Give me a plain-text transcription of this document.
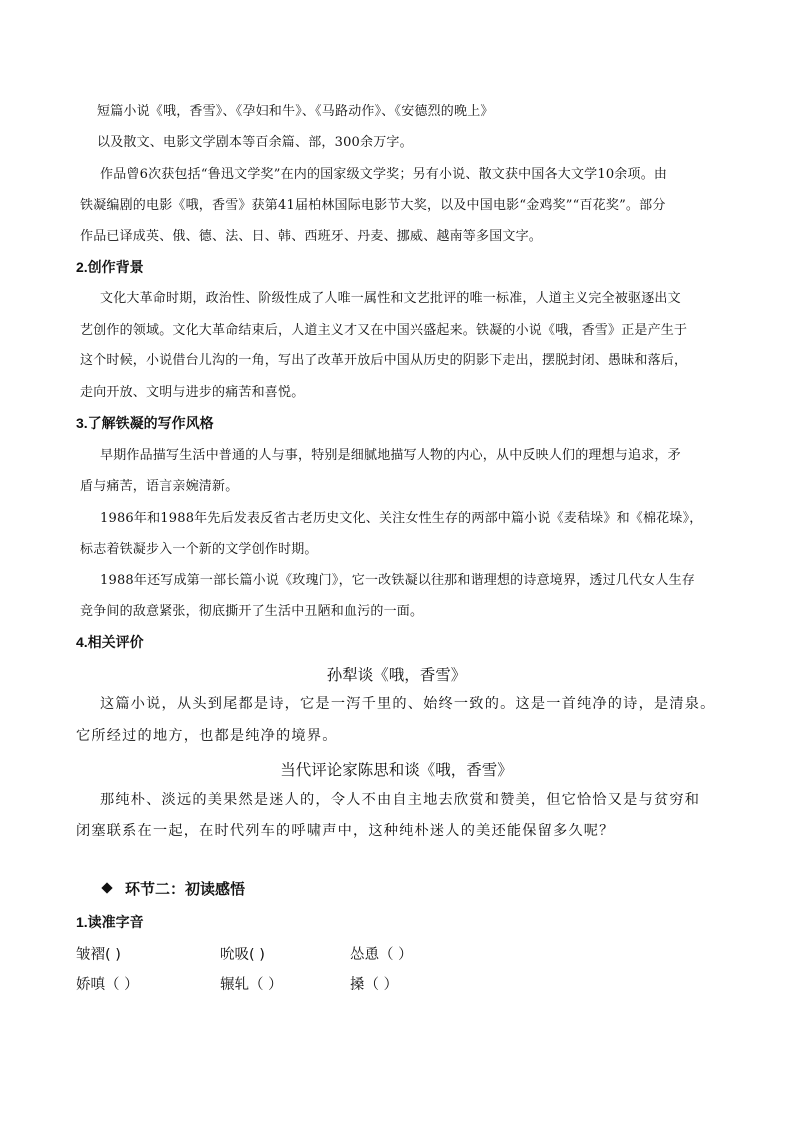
短篇小说《哦，香雪》、《孕妇和牛》、《马路动作》、《安德烈的晚上》
以及散文、电影文学剧本等百余篇、部，300余万字。
作品曾6次获包括“鲁迅文学奖”在内的国家级文学奖；另有小说、散文获中国各大文学10余项。由
铁凝编剧的电影《哦，香雪》获第41届柏林国际电影节大奖，以及中国电影“金鸡奖”“百花奖”。部分
作品已译成英、俄、德、法、日、韩、西班牙、丹麦、挪威、越南等多国文字。
2.创作背景
文化大革命时期，政治性、阶级性成了人唯一属性和文艺批评的唯一标准，人道主义完全被驱逐出文
艺创作的领域。文化大革命结束后，人道主义才又在中国兴盛起来。铁凝的小说《哦，香雪》正是产生于
这个时候，小说借台儿沟的一角，写出了改革开放后中国从历史的阴影下走出，摆脱封闭、愚昧和落后，
走向开放、文明与进步的痛苦和喜悦。
3.了解铁凝的写作风格
早期作品描写生活中普通的人与事，特别是细腻地描写人物的内心，从中反映人们的理想与追求，矛
盾与痛苦，语言亲婉清新。
1986年和1988年先后发表反省古老历史文化、关注女性生存的两部中篇小说《麦秸垛》和《棉花垛》，
标志着铁凝步入一个新的文学创作时期。
1988年还写成第一部长篇小说《玫瑰门》，它一改铁凝以往那和谐理想的诗意境界，透过几代女人生存
竞争间的敌意紧张，彻底撕开了生活中丑陋和血污的一面。
4.相关评价
孙犁谈《哦，香雪》
这篇小说，从头到尾都是诗，它是一泻千里的、始终一致的。这是一首纯净的诗，是清泉。
它所经过的地方，也都是纯净的境界。
当代评论家陈思和谈《哦，香雪》
那纯朴、淡远的美果然是迷人的，令人不由自主地去欣赏和赞美，但它恰恰又是与贫穷和
闭塞联系在一起，在时代列车的呼啸声中，这种纯朴迷人的美还能保留多久呢？
环节二：初读感悟
1.读准字音
皱褶( )	吮吸( )	怂恿（ ）
娇嗔（ ）	辗轧（ ）	搡（ ）
